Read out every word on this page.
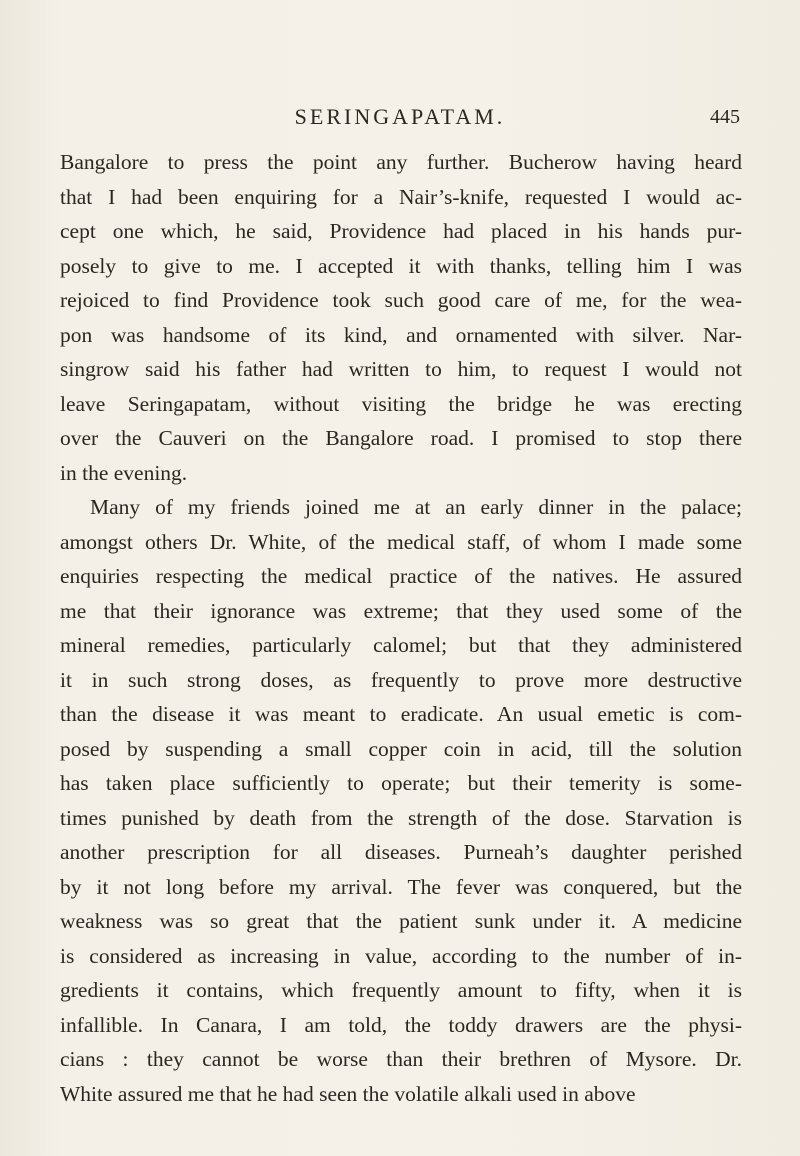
SERINGAPATAM.	445
Bangalore to press the point any further. Bucherow having heard
that I had been enquiring for a Nair’s-knife, requested I would ac-
cept one which, he said, Providence had placed in his hands pur-
posely to give to me. I accepted it with thanks, telling him I was
rejoiced to find Providence took such good care of me, for the wea-
pon was handsome of its kind, and ornamented with silver. Nar-
singrow said his father had written to him, to request I would not
leave Seringapatam, without visiting the bridge he was erecting
over the Cauveri on the Bangalore road. I promised to stop there
in the evening.
Many of my friends joined me at an early dinner in the palace;
amongst others Dr. White, of the medical staff, of whom I made some
enquiries respecting the medical practice of the natives. He assured
me that their ignorance was extreme; that they used some of the
mineral remedies, particularly calomel; but that they administered
it in such strong doses, as frequently to prove more destructive
than the disease it was meant to eradicate. An usual emetic is com-
posed by suspending a small copper coin in acid, till the solution
has taken place sufficiently to operate; but their temerity is some-
times punished by death from the strength of the dose. Starvation is
another prescription for all diseases. Purneah’s daughter perished
by it not long before my arrival. The fever was conquered, but the
weakness was so great that the patient sunk under it. A medicine
is considered as increasing in value, according to the number of in-
gredients it contains, which frequently amount to fifty, when it is
infallible. In Canara, I am told, the toddy drawers are the physi-
cians : they cannot be worse than their brethren of Mysore. Dr.
White assured me that he had seen the volatile alkali used in above
